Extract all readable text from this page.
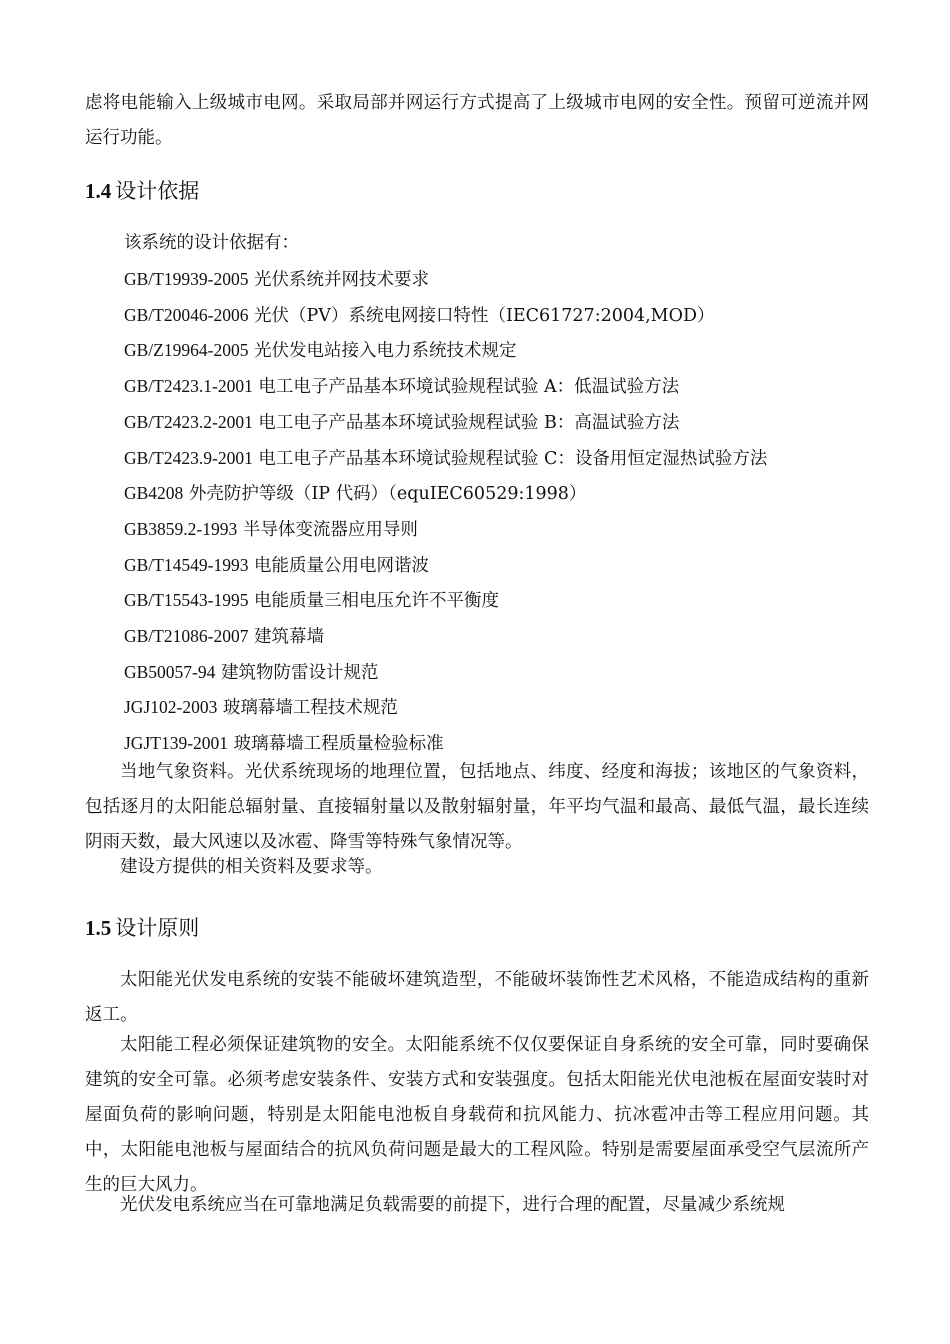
虑将电能输入上级城市电网。采取局部并网运行方式提高了上级城市电网的安全性。预留可逆流并网运行功能。

1.4 设计依据

该系统的设计依据有：

GB/T19939-2005 光伏系统并网技术要求
GB/T20046-2006 光伏（PV）系统电网接口特性（IEC61727:2004,MOD）
GB/Z19964-2005 光伏发电站接入电力系统技术规定
GB/T2423.1-2001 电工电子产品基本环境试验规程试验 A：低温试验方法
GB/T2423.2-2001 电工电子产品基本环境试验规程试验 B：高温试验方法
GB/T2423.9-2001 电工电子产品基本环境试验规程试验 C：设备用恒定湿热试验方法
GB4208 外壳防护等级（IP 代码）（equIEC60529:1998）
GB3859.2-1993 半导体变流器应用导则
GB/T14549-1993 电能质量公用电网谐波
GB/T15543-1995 电能质量三相电压允许不平衡度
GB/T21086-2007 建筑幕墙
GB50057-94 建筑物防雷设计规范
JGJ102-2003 玻璃幕墙工程技术规范
JGJT139-2001 玻璃幕墙工程质量检验标准

当地气象资料。光伏系统现场的地理位置，包括地点、纬度、经度和海拔；该地区的气象资料，包括逐月的太阳能总辐射量、直接辐射量以及散射辐射量，年平均气温和最高、最低气温，最长连续阴雨天数，最大风速以及冰雹、降雪等特殊气象情况等。

建设方提供的相关资料及要求等。

1.5 设计原则

太阳能光伏发电系统的安装不能破坏建筑造型，不能破坏装饰性艺术风格，不能造成结构的重新返工。

太阳能工程必须保证建筑物的安全。太阳能系统不仅仅要保证自身系统的安全可靠，同时要确保建筑的安全可靠。必须考虑安装条件、安装方式和安装强度。包括太阳能光伏电池板在屋面安装时对屋面负荷的影响问题，特别是太阳能电池板自身载荷和抗风能力、抗冰雹冲击等工程应用问题。其中，太阳能电池板与屋面结合的抗风负荷问题是最大的工程风险。特别是需要屋面承受空气层流所产生的巨大风力。

光伏发电系统应当在可靠地满足负载需要的前提下，进行合理的配置，尽量减少系统规
